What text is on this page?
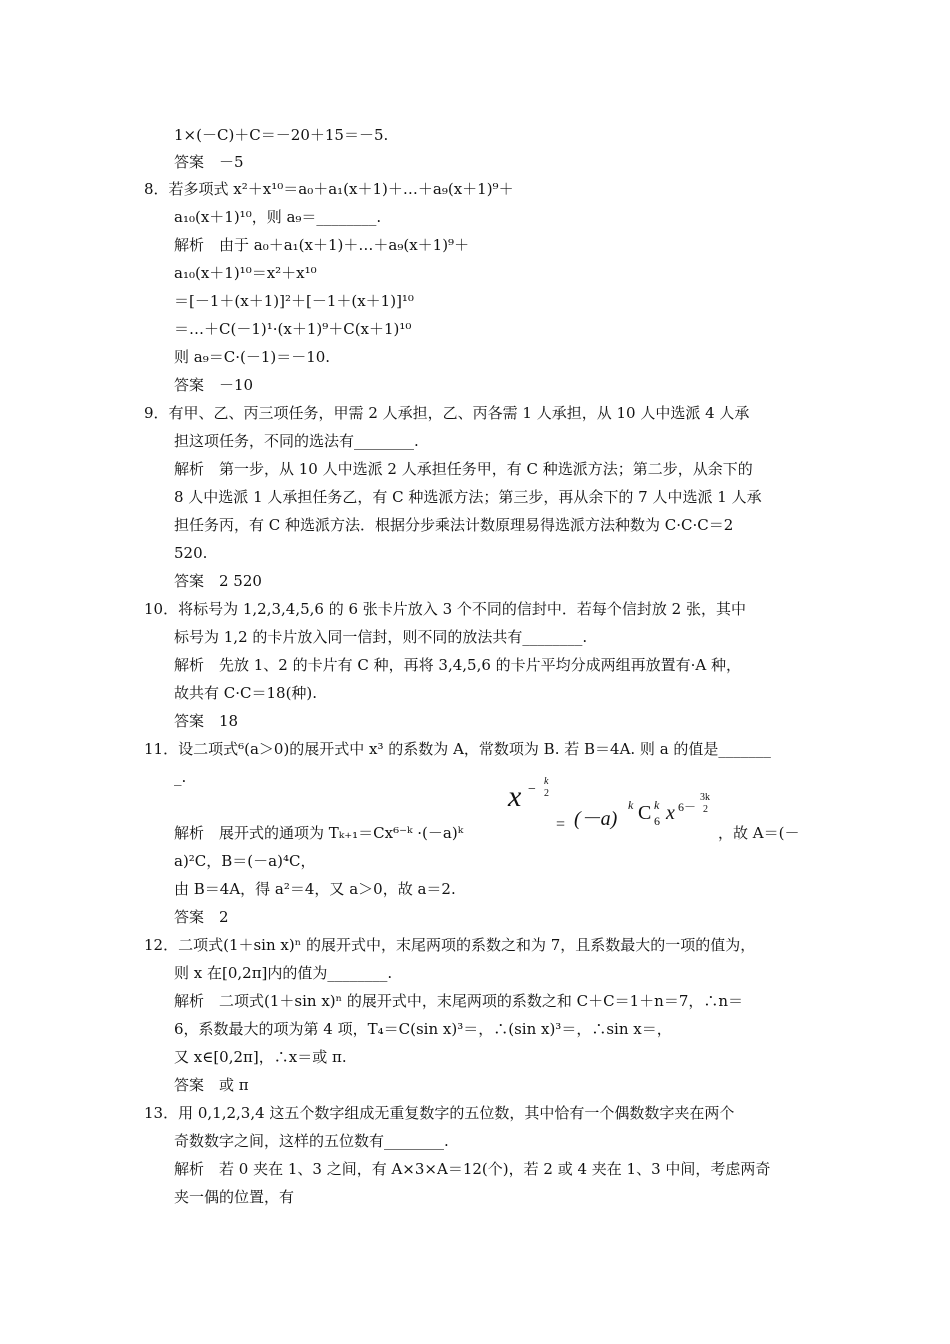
1×(－C)＋C＝－20＋15＝－5.
答案　－5
8．若多项式 x²＋x¹⁰＝a₀＋a₁(x＋1)＋…＋a₉(x＋1)⁹＋
a₁₀(x＋1)¹⁰，则 a₉＝________.
解析　由于 a₀＋a₁(x＋1)＋…＋a₉(x＋1)⁹＋
a₁₀(x＋1)¹⁰＝x²＋x¹⁰
＝[－1＋(x＋1)]²＋[－1＋(x＋1)]¹⁰
＝…＋C(－1)¹·(x＋1)⁹＋C(x＋1)¹⁰
则 a₉＝C·(－1)＝－10.
答案　－10
9．有甲、乙、丙三项任务，甲需 2 人承担，乙、丙各需 1 人承担，从 10 人中选派 4 人承
担这项任务，不同的选法有________.
解析　第一步，从 10 人中选派 2 人承担任务甲，有 C 种选派方法；第二步，从余下的
8 人中选派 1 人承担任务乙，有 C 种选派方法；第三步，再从余下的 7 人中选派 1 人承
担任务丙，有 C 种选派方法．根据分步乘法计数原理易得选派方法种数为 C·C·C＝2
520.
答案　2 520
10．将标号为 1,2,3,4,5,6 的 6 张卡片放入 3 个不同的信封中．若每个信封放 2 张，其中
标号为 1,2 的卡片放入同一信封，则不同的放法共有________.
解析　先放 1、2 的卡片有 C 种，再将 3,4,5,6 的卡片平均分成两组再放置有·A 种，
故共有 C·C＝18(种).
答案　18
11．设二项式⁶(a＞0)的展开式中 x³ 的系数为 A，常数项为 B. 若 B＝4A. 则 a 的值是_______
_.
解析　展开式的通项为 Tₖ₊₁＝Cx⁶⁻ᵏ ·(－a)ᵏ
x −
k
2
= (－a)
k C k
6 x 6－
3k
2
，故 A＝(－
a)²C，B＝(－a)⁴C，
由 B＝4A，得 a²＝4，又 a＞0，故 a＝2.
答案　2
12．二项式(1＋sin x)ⁿ 的展开式中，末尾两项的系数之和为 7，且系数最大的一项的值为，
则 x 在[0,2π]内的值为________.
解析　二项式(1＋sin x)ⁿ 的展开式中，末尾两项的系数之和 C＋C＝1＋n＝7，∴n＝
6，系数最大的项为第 4 项，T₄＝C(sin x)³＝，∴(sin x)³＝，∴sin x＝，
又 x∈[0,2π]，∴x＝或 π.
答案　或 π
13．用 0,1,2,3,4 这五个数字组成无重复数字的五位数，其中恰有一个偶数数字夹在两个
奇数数字之间，这样的五位数有________.
解析　若 0 夹在 1、3 之间，有 A×3×A＝12(个)，若 2 或 4 夹在 1、3 中间，考虑两奇
夹一偶的位置，有
